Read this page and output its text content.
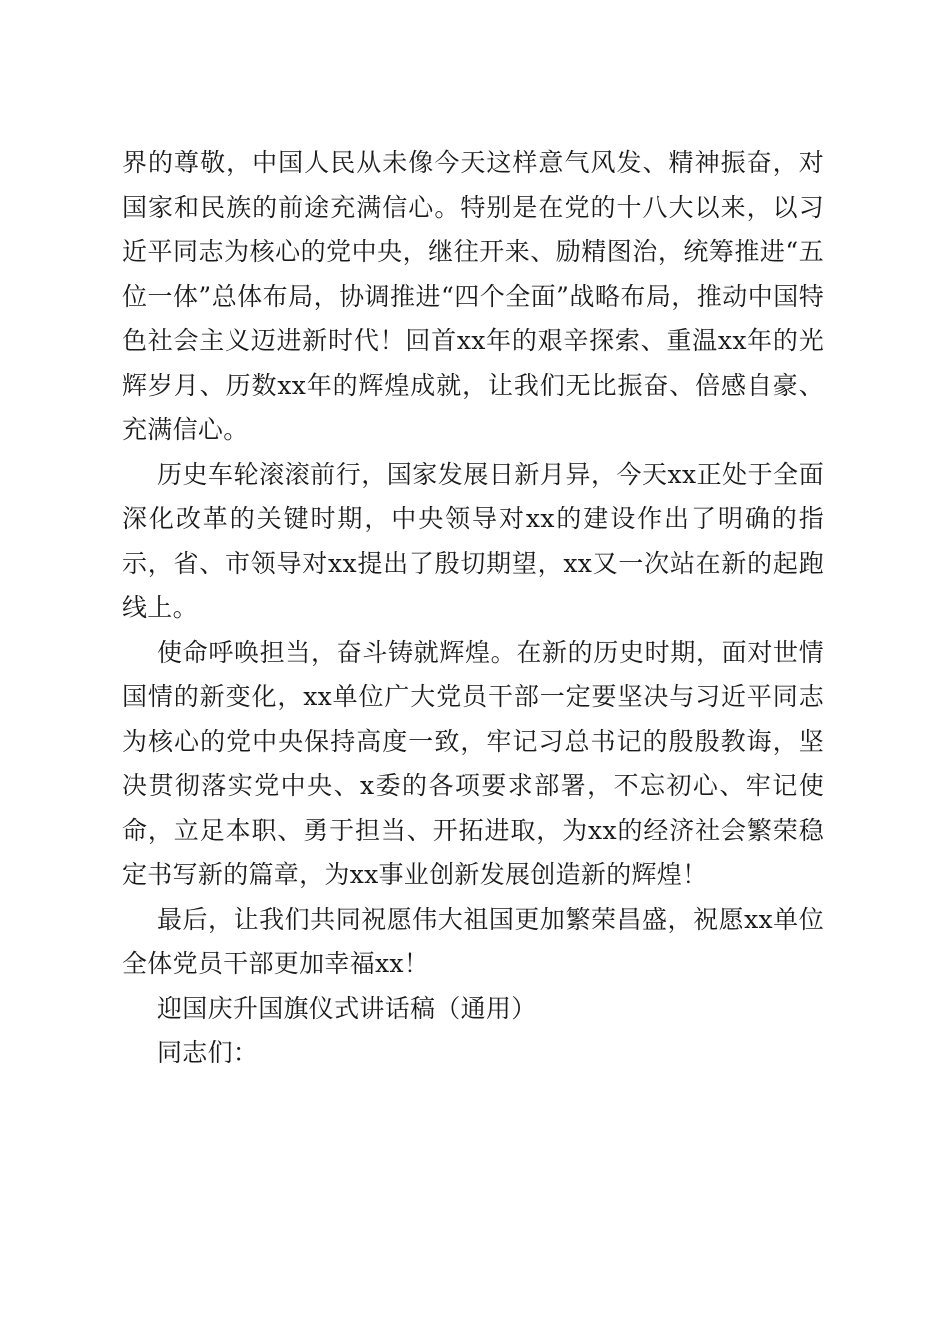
界的尊敬，中国人民从未像今天这样意气风发、精神振奋，对国家和民族的前途充满信心。特别是在党的十八大以来，以习近平同志为核心的党中央，继往开来、励精图治，统筹推进“五位一体”总体布局，协调推进“四个全面”战略布局，推动中国特色社会主义迈进新时代！回首xx年的艰辛探索、重温xx年的光辉岁月、历数xx年的辉煌成就，让我们无比振奋、倍感自豪、充满信心。

历史车轮滚滚前行，国家发展日新月异，今天xx正处于全面深化改革的关键时期，中央领导对xx的建设作出了明确的指示，省、市领导对xx提出了殷切期望，xx又一次站在新的起跑线上。

使命呼唤担当，奋斗铸就辉煌。在新的历史时期，面对世情国情的新变化，xx单位广大党员干部一定要坚决与习近平同志为核心的党中央保持高度一致，牢记习总书记的殷殷教诲，坚决贯彻落实党中央、x委的各项要求部署，不忘初心、牢记使命，立足本职、勇于担当、开拓进取，为xx的经济社会繁荣稳定书写新的篇章，为xx事业创新发展创造新的辉煌！

最后，让我们共同祝愿伟大祖国更加繁荣昌盛，祝愿xx单位全体党员干部更加幸福xx！

迎国庆升国旗仪式讲话稿（通用）

同志们：
